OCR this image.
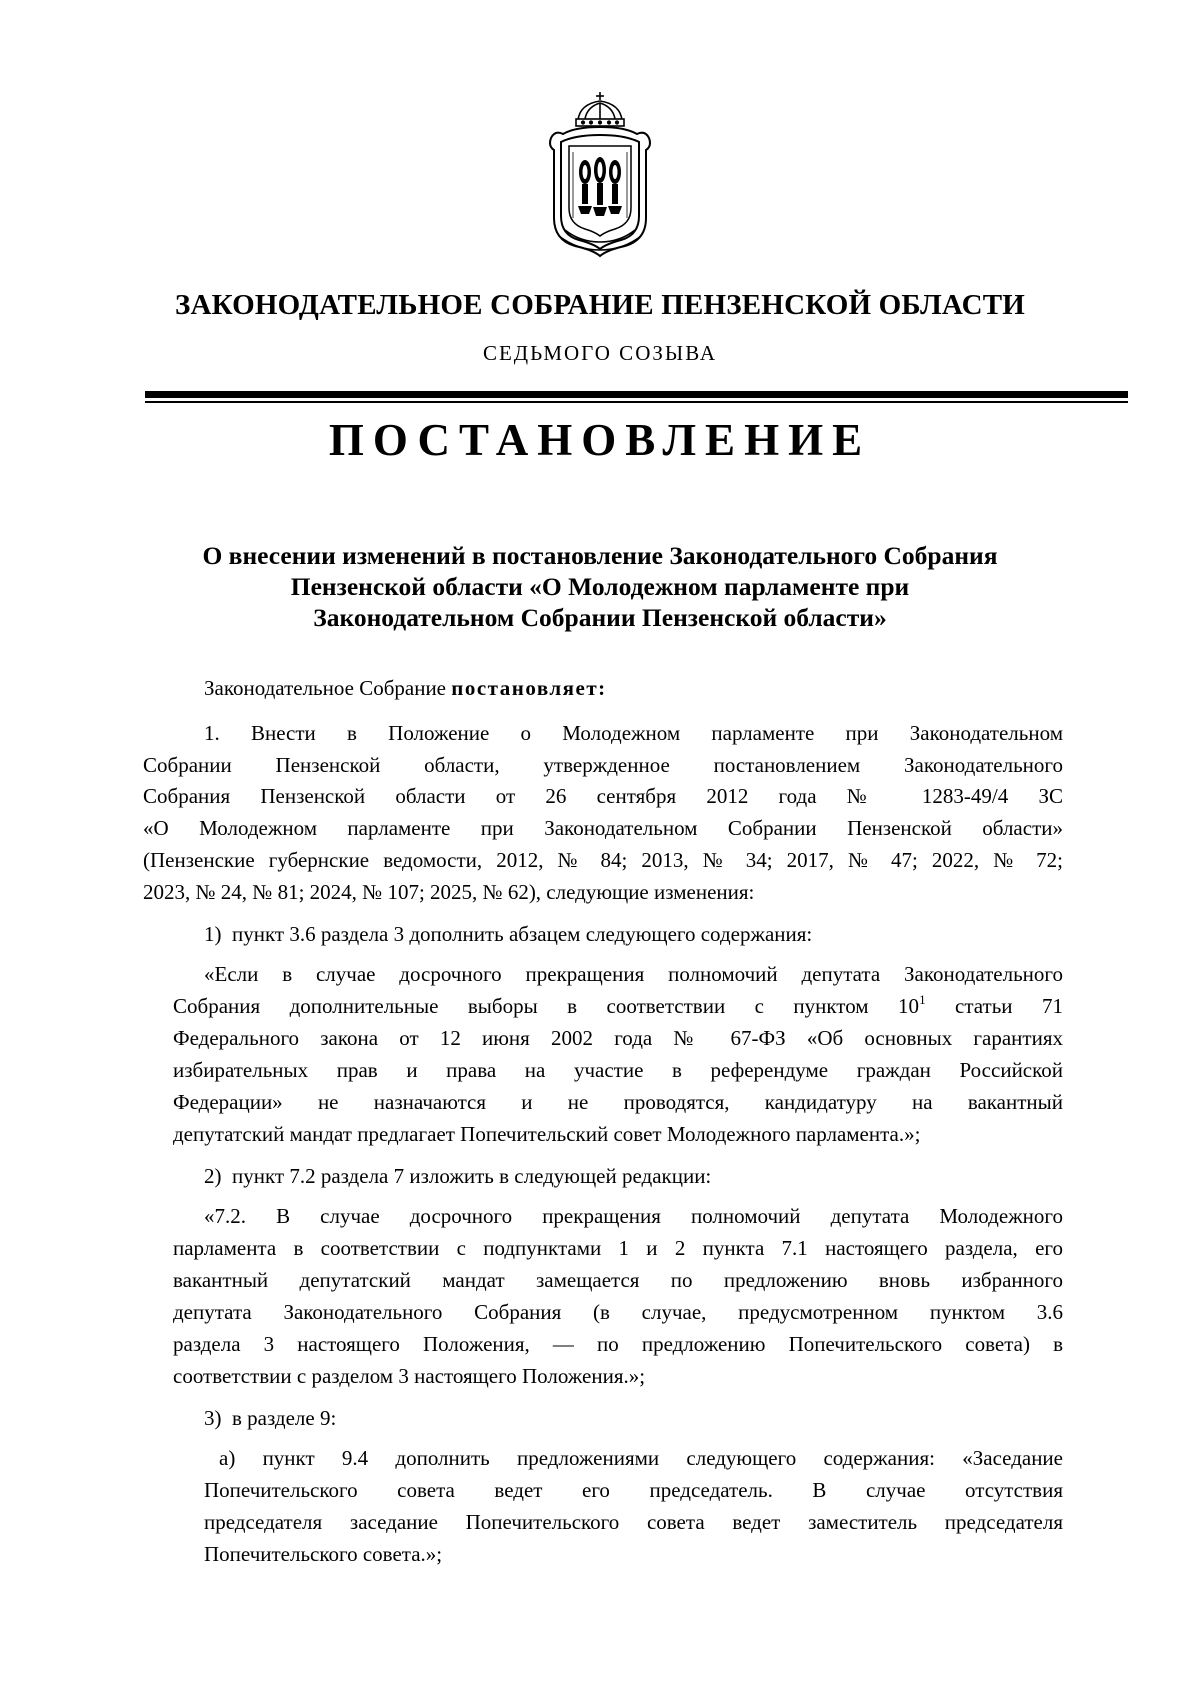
ЗАКОНОДАТЕЛЬНОЕ СОБРАНИЕ ПЕНЗЕНСКОЙ ОБЛАСТИ
СЕДЬМОГО СОЗЫВА
ПОСТАНОВЛЕНИЕ
О внесении изменений в постановление Законодательного Собрания
Пензенской области «О Молодежном парламенте при
Законодательном Собрании Пензенской области»
Законодательное Собрание постановляет:
1. Внести в Положение о Молодежном парламенте при Законодательном
Собрании Пензенской области, утвержденное постановлением Законодательного
Собрания Пензенской области от 26 сентября 2012 года № 1283-49/4 ЗС
«О Молодежном парламенте при Законодательном Собрании Пензенской области»
(Пензенские губернские ведомости, 2012, № 84; 2013, № 34; 2017, № 47; 2022, № 72;
2023, № 24, № 81; 2024, № 107; 2025, № 62), следующие изменения:
1)  пункт 3.6 раздела 3 дополнить абзацем следующего содержания:
«Если в случае досрочного прекращения полномочий депутата Законодательного
Собрания дополнительные выборы в соответствии с пунктом $10^1$ статьи 71
Федерального закона от 12 июня 2002 года № 67-ФЗ «Об основных гарантиях
избирательных прав и права на участие в референдуме граждан Российской
Федерации» не назначаются и не проводятся, кандидатуру на вакантный
депутатский мандат предлагает Попечительский совет Молодежного парламента.»;
2)  пункт 7.2 раздела 7 изложить в следующей редакции:
«7.2. В случае досрочного прекращения полномочий депутата Молодежного
парламента в соответствии с подпунктами 1 и 2 пункта 7.1 настоящего раздела, его
вакантный депутатский мандат замещается по предложению вновь избранного
депутата Законодательного Собрания (в случае, предусмотренном пунктом 3.6
раздела 3 настоящего Положения, — по предложению Попечительского совета) в
соответствии с разделом 3 настоящего Положения.»;
3)  в разделе 9:
а) пункт 9.4 дополнить предложениями следующего содержания: «Заседание
Попечительского совета ведет его председатель. В случае отсутствия
председателя заседание Попечительского совета ведет заместитель председателя
Попечительского совета.»;
